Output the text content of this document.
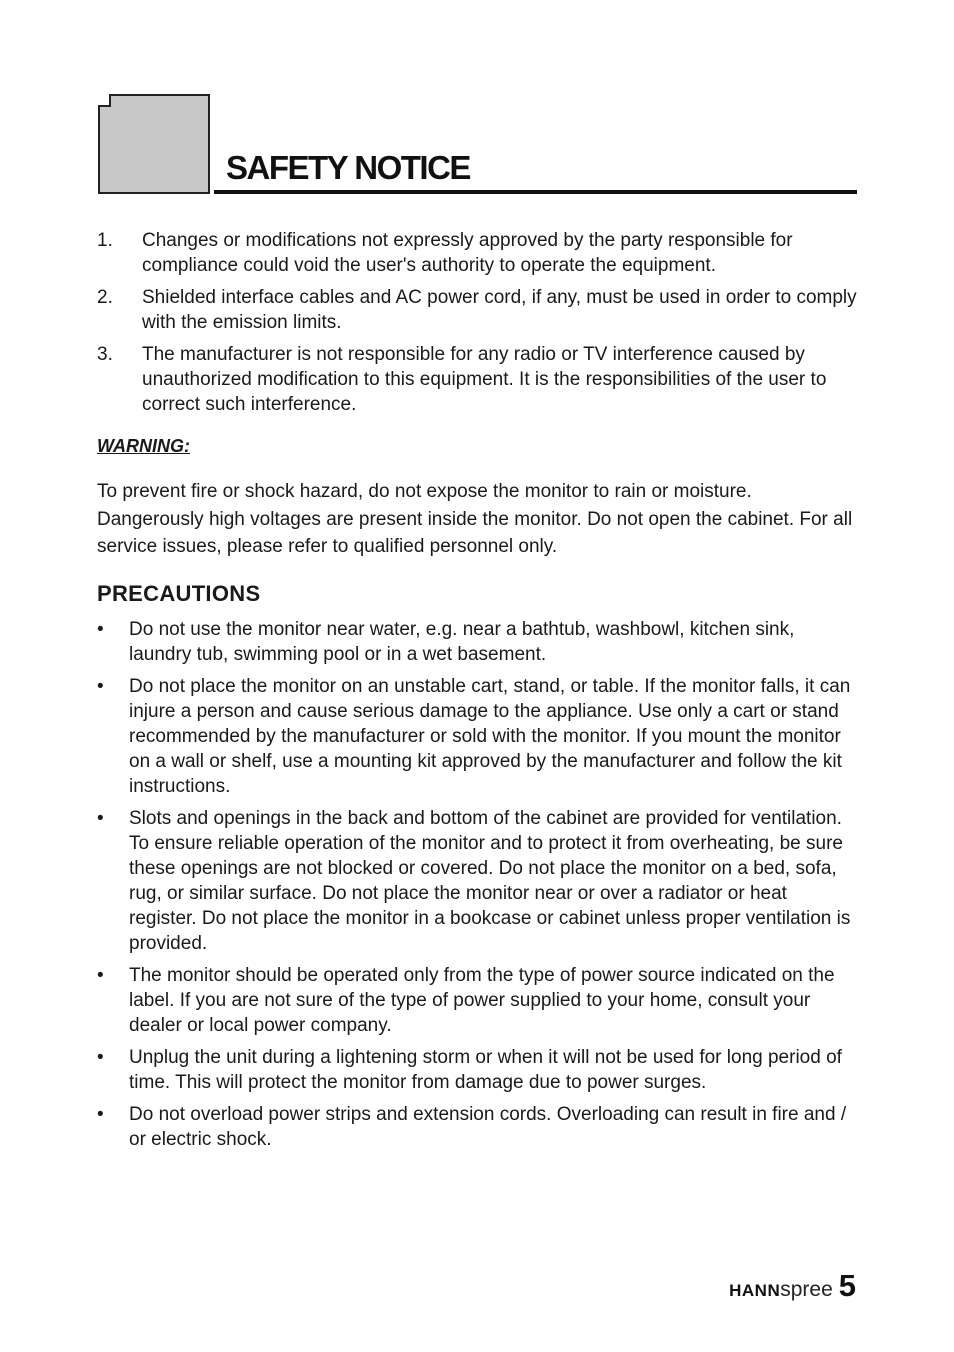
SAFETY NOTICE
1. Changes or modifications not expressly approved by the party responsible for compliance could void the user's authority to operate the equipment.
2. Shielded interface cables and AC power cord, if any, must be used in order to comply with the emission limits.
3. The manufacturer is not responsible for any radio or TV interference caused by unauthorized modification to this equipment. It is the responsibilities of the user to correct such interference.

WARNING:

To prevent fire or shock hazard, do not expose the monitor to rain or moisture. Dangerously high voltages are present inside the monitor. Do not open the cabinet. For all service issues, please refer to qualified personnel only.

PRECAUTIONS
• Do not use the monitor near water, e.g. near a bathtub, washbowl, kitchen sink, laundry tub, swimming pool or in a wet basement.
• Do not place the monitor on an unstable cart, stand, or table. If the monitor falls, it can injure a person and cause serious damage to the appliance. Use only a cart or stand recommended by the manufacturer or sold with the monitor. If you mount the monitor on a wall or shelf, use a mounting kit approved by the manufacturer and follow the kit instructions.
• Slots and openings in the back and bottom of the cabinet are provided for ventilation. To ensure reliable operation of the monitor and to protect it from overheating, be sure these openings are not blocked or covered. Do not place the monitor on a bed, sofa, rug, or similar surface. Do not place the monitor near or over a radiator or heat register. Do not place the monitor in a bookcase or cabinet unless proper ventilation is provided.
• The monitor should be operated only from the type of power source indicated on the label. If you are not sure of the type of power supplied to your home, consult your dealer or local power company.
• Unplug the unit during a lightening storm or when it will not be used for long period of time. This will protect the monitor from damage due to power surges.
• Do not overload power strips and extension cords. Overloading can result in fire and / or electric shock.
HANN spree 5
